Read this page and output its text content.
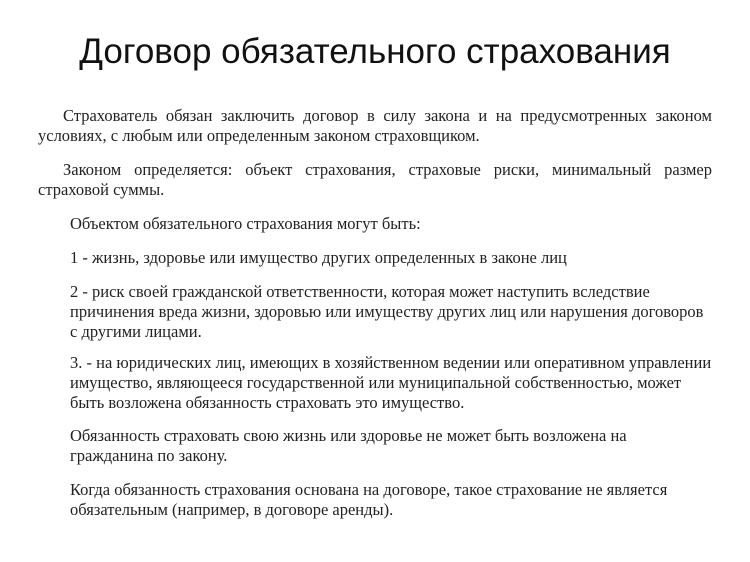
Договор обязательного страхования
Страхователь обязан заключить договор в силу закона и на предусмотренных законом условиях, с любым или определенным законом страховщиком.
Законом определяется: объект страхования, страховые риски, минимальный размер страховой суммы.
Объектом обязательного страхования могут быть:
1 - жизнь, здоровье или имущество других определенных в законе лиц
2 - риск своей гражданской ответственности, которая может наступить вследствие причинения вреда жизни, здоровью или имуществу других лиц или нарушения договоров с другими лицами.
3. - на юридических лиц, имеющих в хозяйственном ведении или оперативном управлении имущество, являющееся государственной или муниципальной собственностью, может быть возложена обязанность страховать это имущество.
Обязанность страховать свою жизнь или здоровье не может быть возложена на гражданина по закону.
Когда обязанность страхования основана на договоре, такое страхование не является обязательным (например, в договоре аренды).
